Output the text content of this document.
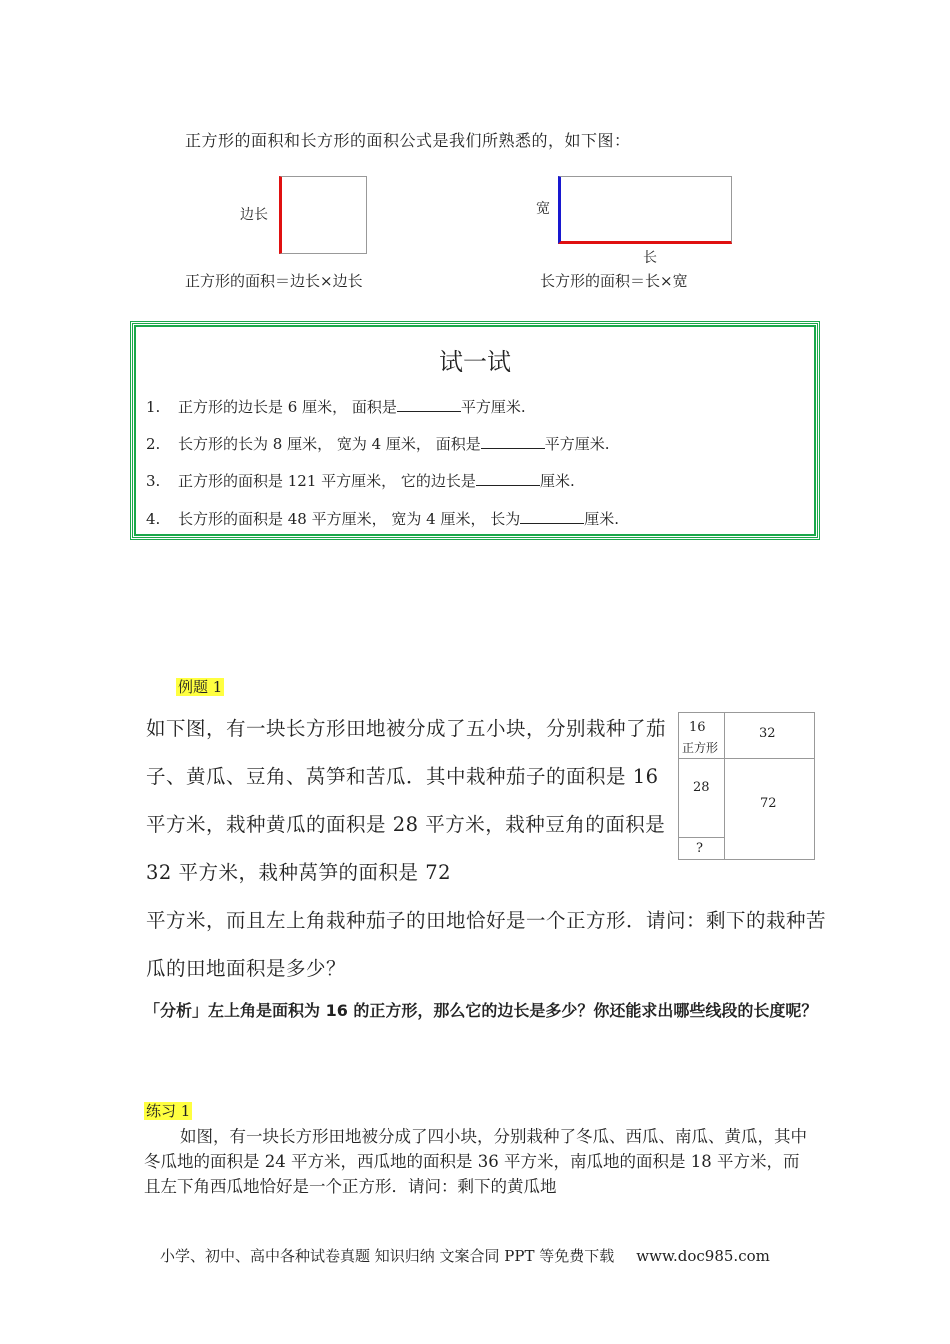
正方形的面积和长方形的面积公式是我们所熟悉的，如下图：
边长
正方形的面积＝边长×边长
宽
长
长方形的面积＝长×宽
试一试
1. 正方形的边长是 6 厘米， 面积是	平方厘米.
2. 长方形的长为 8 厘米， 宽为 4 厘米， 面积是	平方厘米.
3. 正方形的面积是 121 平方厘米， 它的边长是	厘米.
4. 长方形的面积是 48 平方厘米， 宽为 4 厘米， 长为	厘米.
例题 1
如下图，有一块长方形田地被分成了五小块，分别栽种了茄子、黄瓜、豆角、莴笋和苦瓜．其中栽种茄子的面积是 16 平方米，栽种黄瓜的面积是 28 平方米，栽种豆角的面积是 32 平方米，栽种莴笋的面积是 72
平方米，而且左上角栽种茄子的田地恰好是一个正方形．请问：剩下的栽种苦瓜的田地面积是多少？
16
正方形
32
28
72
?
「分析」左上角是面积为 16 的正方形，那么它的边长是多少？你还能求出哪些线段的长度呢？
练习 1
如图，有一块长方形田地被分成了四小块，分别栽种了冬瓜、西瓜、南瓜、黄瓜，其中冬瓜地的面积是 24 平方米，西瓜地的面积是 36 平方米，南瓜地的面积是 18 平方米，而且左下角西瓜地恰好是一个正方形．请问：剩下的黄瓜地
小学、初中、高中各种试卷真题 知识归纳 文案合同 PPT 等免费下载 www.doc985.com
